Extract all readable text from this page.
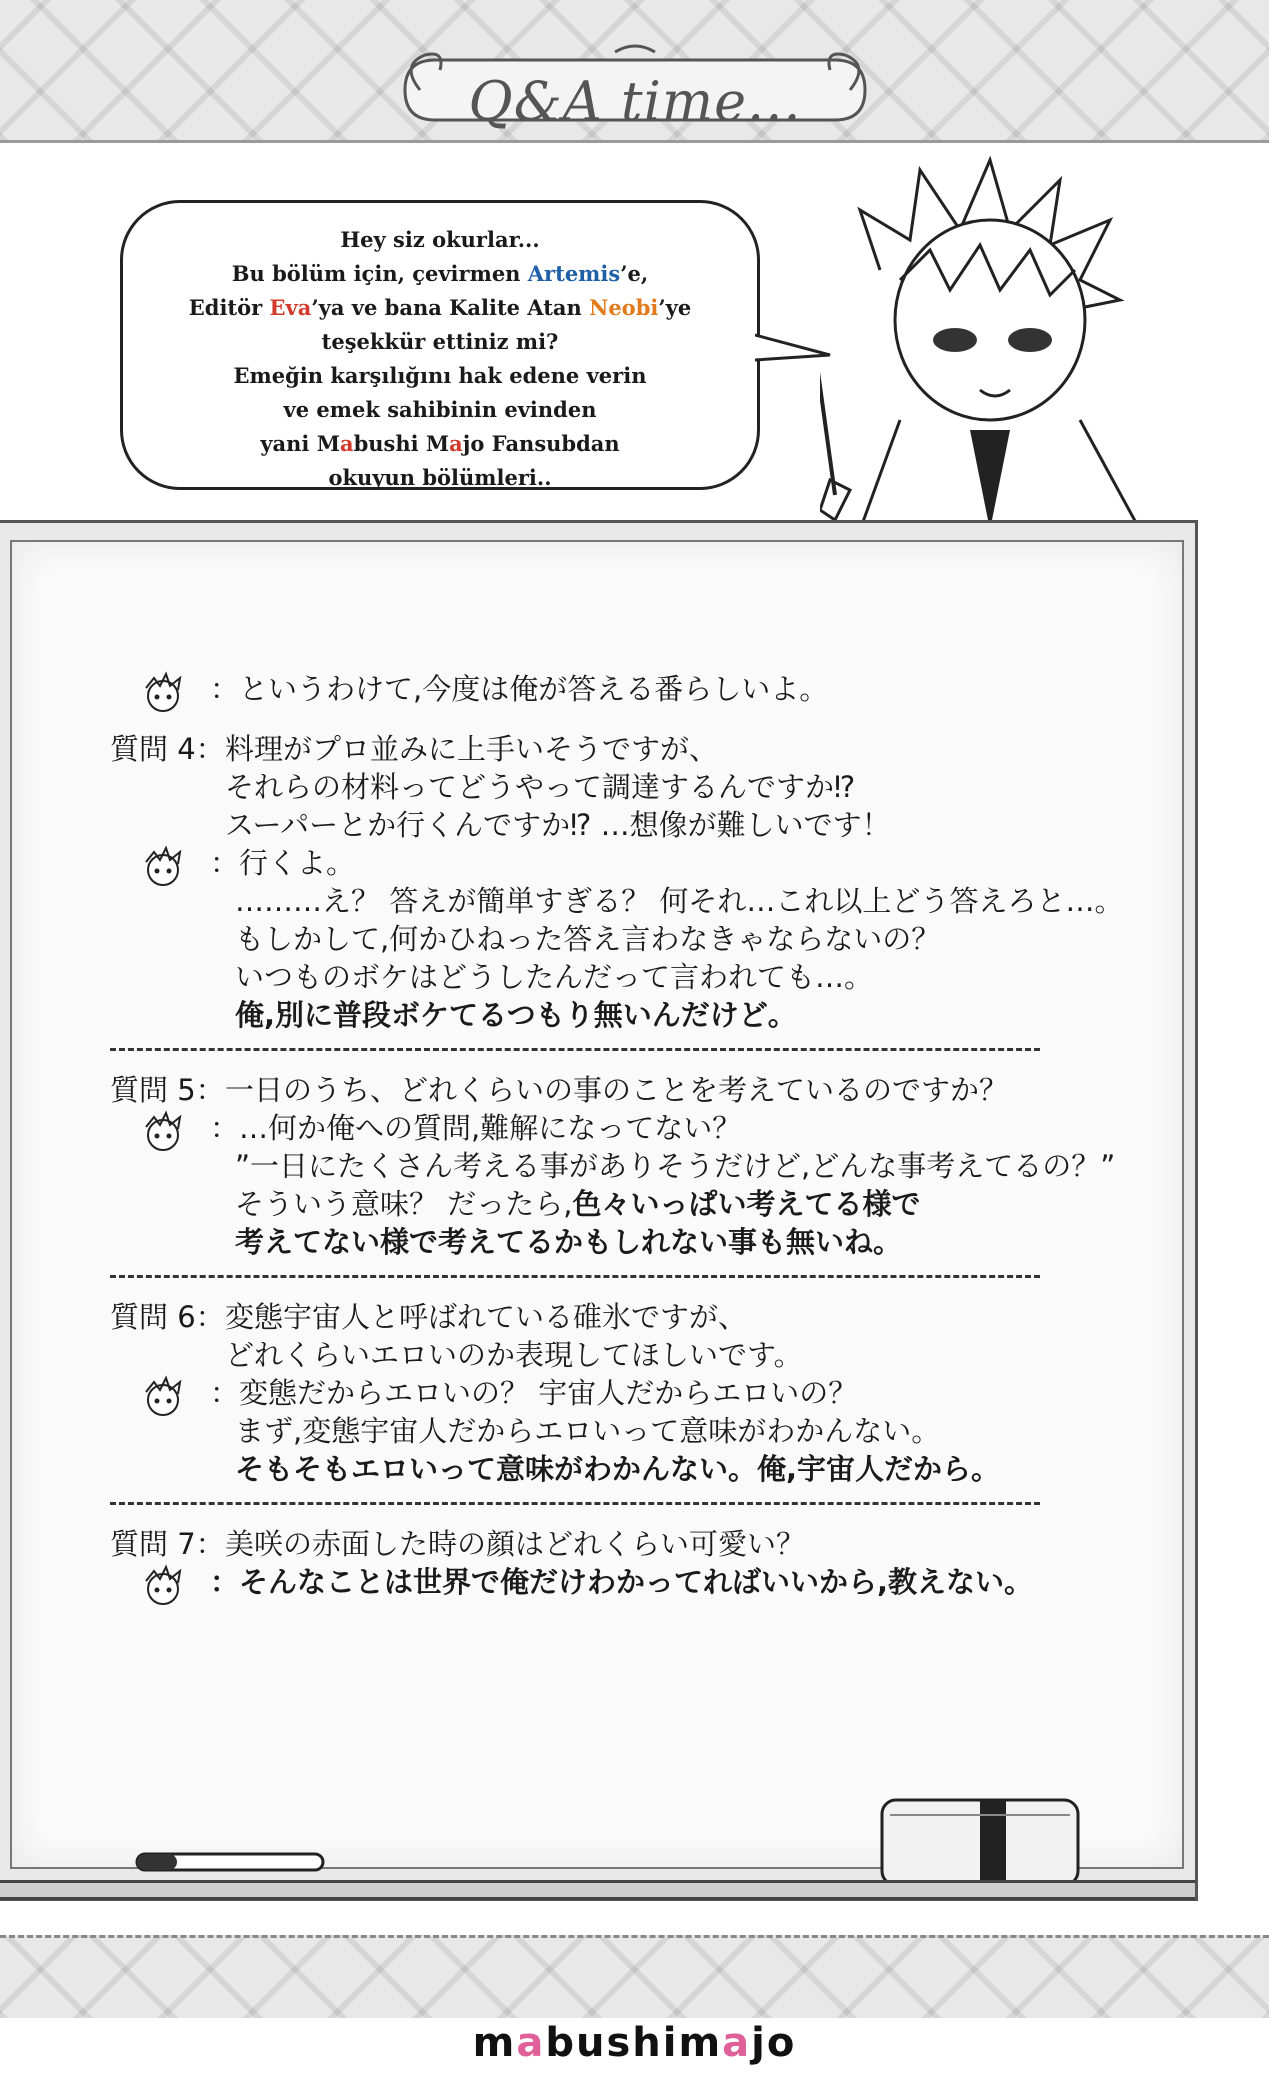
Q&A time...
Hey siz okurlar...
Bu bölüm için, çevirmen Artemis’e,
Editör Eva’ya ve bana Kalite Atan Neobi’ye
teşekkür ettiniz mi?
Emeğin karşılığını hak edene verin
ve emek sahibinin evinden
yani Mabushi Majo Fansubdan
okuyun bölümleri..
：というわけて,今度は俺が答える番らしいよ。
質問 4： 料理がプロ並みに上手いそうですが、
それらの材料ってどうやって調達するんですか⁉
スーパーとか行くんですか⁉ …想像が難しいです！
：行くよ。
………え？ 答えが簡単すぎる？ 何それ…これ以上どう答えろと…。
もしかして,何かひねった答え言わなきゃならないの？
いつものボケはどうしたんだって言われても…。
俺,別に普段ボケてるつもり無いんだけど。
質問 5： 一日のうち、どれくらいの事のことを考えているのですか？
：…何か俺への質問,難解になってない？
”一日にたくさん考える事がありそうだけど,どんな事考えてるの？”
そういう意味？ だったら,色々いっぱい考えてる様で
考えてない様で考えてるかもしれない事も無いね。
質問 6： 変態宇宙人と呼ばれている碓氷ですが、
どれくらいエロいのか表現してほしいです。
：変態だからエロいの？ 宇宙人だからエロいの？
まず,変態宇宙人だからエロいって意味がわかんない。
そもそもエロいって意味がわかんない。俺,宇宙人だから。
質問 7： 美咲の赤面した時の顔はどれくらい可愛い？
：そんなことは世界で俺だけわかってればいいから,教えない。
mabushimajo
